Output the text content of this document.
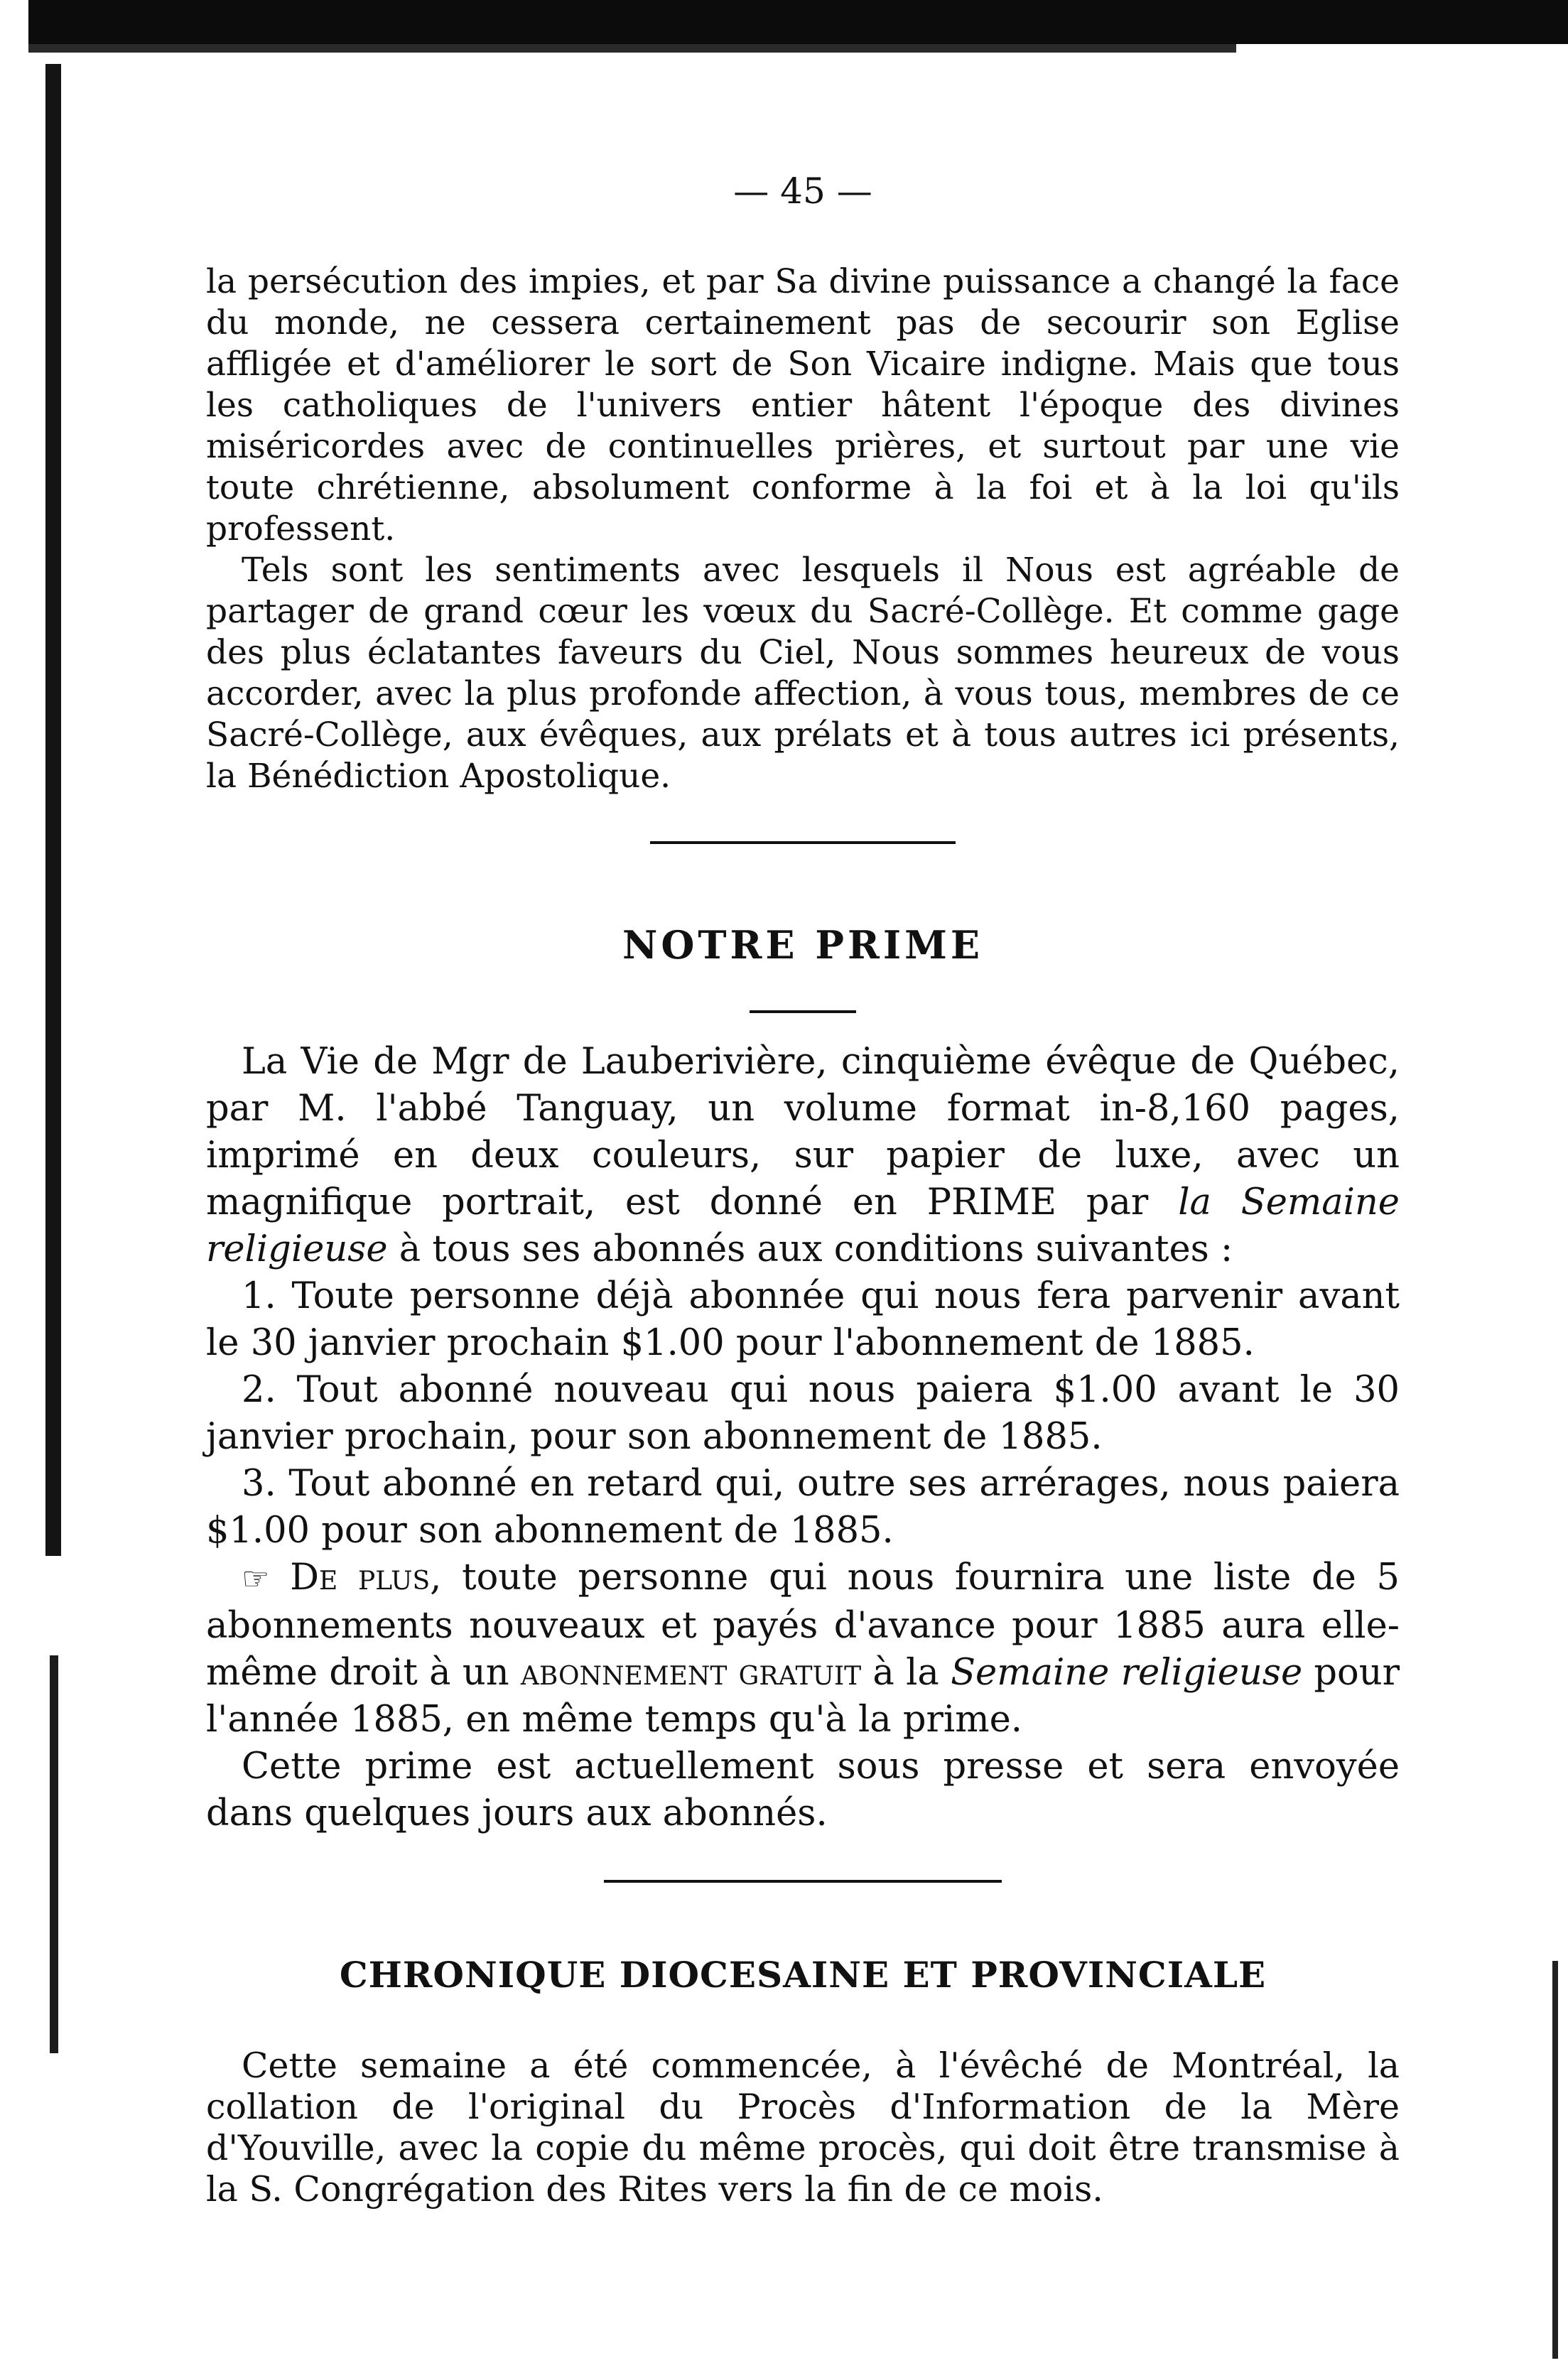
— 45 —

la persécution des impies, et par Sa divine puissance a changé la face du monde, ne cessera certainement pas de secourir son Eglise affligée et d'améliorer le sort de Son Vicaire indigne. Mais que tous les catholiques de l'univers entier hâtent l'époque des divines miséricordes avec de continuelles prières, et surtout par une vie toute chrétienne, absolument conforme à la foi et à la loi qu'ils professent.

Tels sont les sentiments avec lesquels il Nous est agréable de partager de grand cœur les vœux du Sacré-Collège. Et comme gage des plus éclatantes faveurs du Ciel, Nous sommes heureux de vous accorder, avec la plus profonde affection, à vous tous, membres de ce Sacré-Collège, aux évêques, aux prélats et à tous autres ici présents, la Bénédiction Apostolique.

NOTRE PRIME

La Vie de Mgr de Lauberivière, cinquième évêque de Québec, par M. l'abbé Tanguay, un volume format in-8,160 pages, imprimé en deux couleurs, sur papier de luxe, avec un magnifique portrait, est donné en PRIME par la Semaine religieuse à tous ses abonnés aux conditions suivantes :

1. Toute personne déjà abonnée qui nous fera parvenir avant le 30 janvier prochain $1.00 pour l'abonnement de 1885.

2. Tout abonné nouveau qui nous paiera $1.00 avant le 30 janvier prochain, pour son abonnement de 1885.

3. Tout abonné en retard qui, outre ses arrérages, nous paiera $1.00 pour son abonnement de 1885.

☞ De plus, toute personne qui nous fournira une liste de 5 abonnements nouveaux et payés d'avance pour 1885 aura elle-même droit à un abonnement gratuit à la Semaine religieuse pour l'année 1885, en même temps qu'à la prime.

Cette prime est actuellement sous presse et sera envoyée dans quelques jours aux abonnés.

CHRONIQUE DIOCESAINE ET PROVINCIALE

Cette semaine a été commencée, à l'évêché de Montréal, la collation de l'original du Procès d'Information de la Mère d'Youville, avec la copie du même procès, qui doit être transmise à la S. Congrégation des Rites vers la fin de ce mois.
